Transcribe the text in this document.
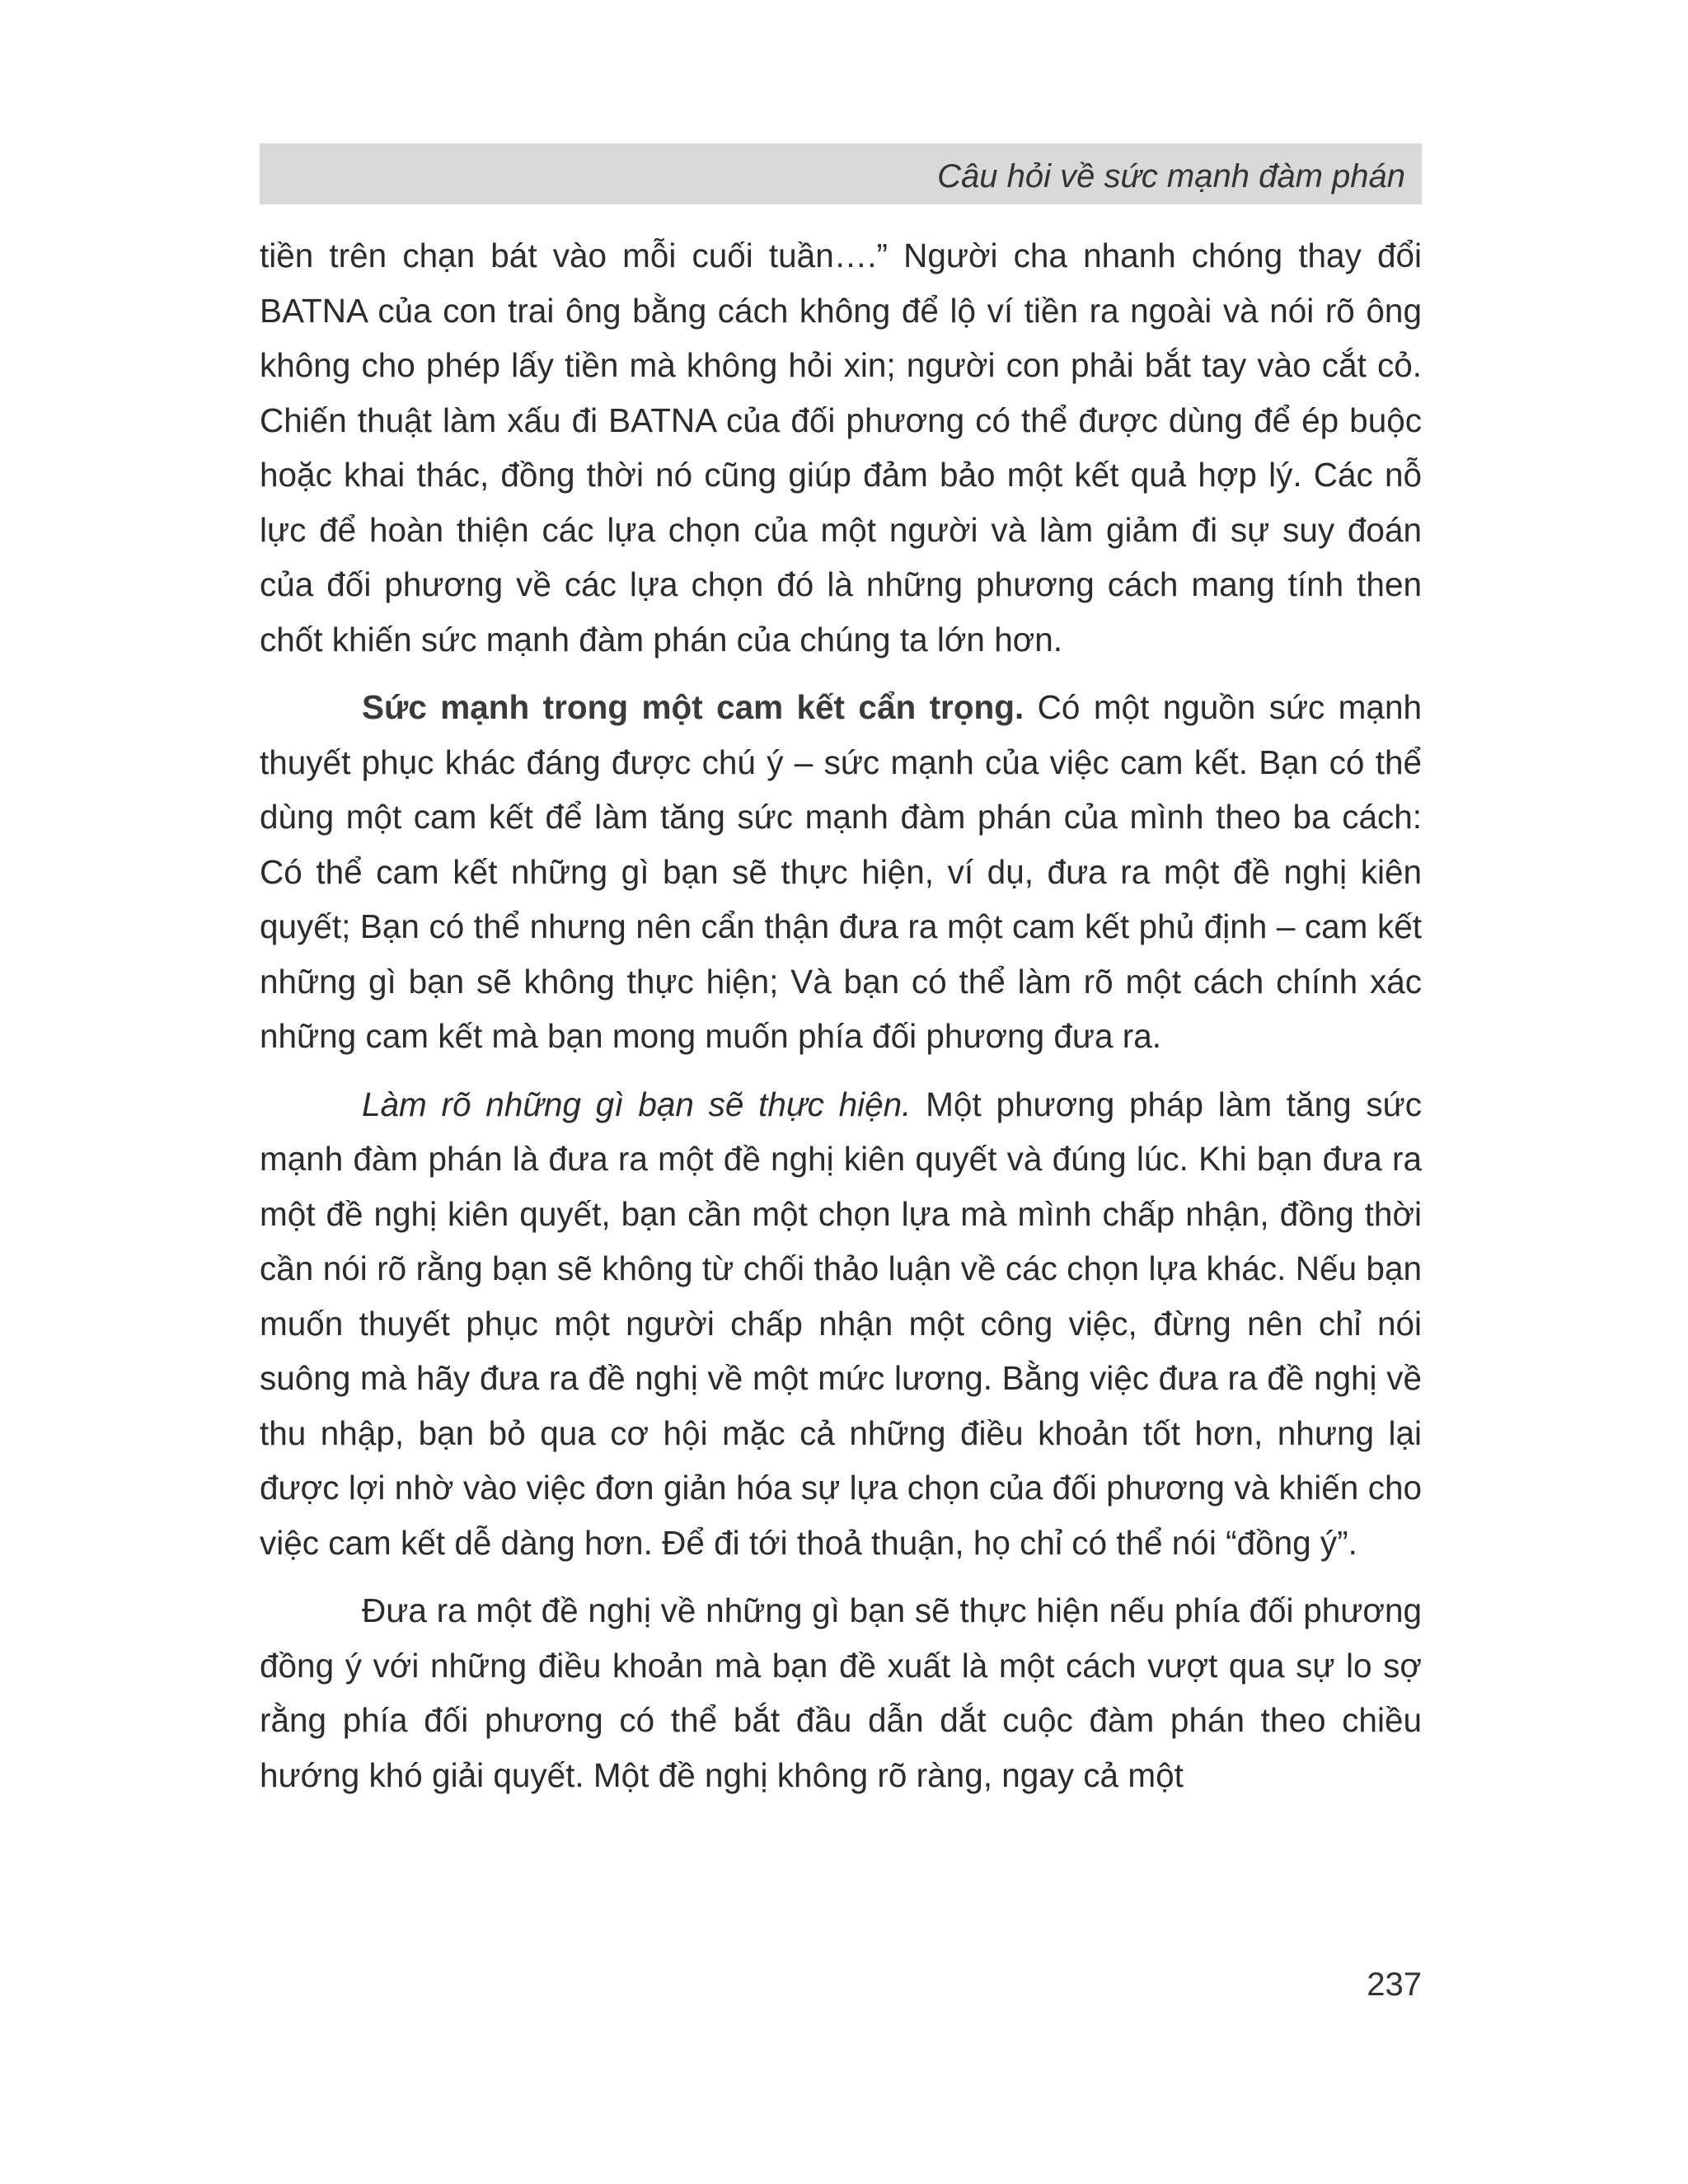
Câu hỏi về sức mạnh đàm phán

tiền trên chạn bát vào mỗi cuối tuần….” Người cha nhanh chóng thay đổi BATNA của con trai ông bằng cách không để lộ ví tiền ra ngoài và nói rõ ông không cho phép lấy tiền mà không hỏi xin; người con phải bắt tay vào cắt cỏ. Chiến thuật làm xấu đi BATNA của đối phương có thể được dùng để ép buộc hoặc khai thác, đồng thời nó cũng giúp đảm bảo một kết quả hợp lý. Các nỗ lực để hoàn thiện các lựa chọn của một người và làm giảm đi sự suy đoán của đối phương về các lựa chọn đó là những phương cách mang tính then chốt khiến sức mạnh đàm phán của chúng ta lớn hơn.

Sức mạnh trong một cam kết cẩn trọng. Có một nguồn sức mạnh thuyết phục khác đáng được chú ý – sức mạnh của việc cam kết. Bạn có thể dùng một cam kết để làm tăng sức mạnh đàm phán của mình theo ba cách: Có thể cam kết những gì bạn sẽ thực hiện, ví dụ, đưa ra một đề nghị kiên quyết; Bạn có thể nhưng nên cẩn thận đưa ra một cam kết phủ định – cam kết những gì bạn sẽ không thực hiện; Và bạn có thể làm rõ một cách chính xác những cam kết mà bạn mong muốn phía đối phương đưa ra.

Làm rõ những gì bạn sẽ thực hiện. Một phương pháp làm tăng sức mạnh đàm phán là đưa ra một đề nghị kiên quyết và đúng lúc. Khi bạn đưa ra một đề nghị kiên quyết, bạn cần một chọn lựa mà mình chấp nhận, đồng thời cần nói rõ rằng bạn sẽ không từ chối thảo luận về các chọn lựa khác. Nếu bạn muốn thuyết phục một người chấp nhận một công việc, đừng nên chỉ nói suông mà hãy đưa ra đề nghị về một mức lương. Bằng việc đưa ra đề nghị về thu nhập, bạn bỏ qua cơ hội mặc cả những điều khoản tốt hơn, nhưng lại được lợi nhờ vào việc đơn giản hóa sự lựa chọn của đối phương và khiến cho việc cam kết dễ dàng hơn. Để đi tới thoả thuận, họ chỉ có thể nói “đồng ý”.

Đưa ra một đề nghị về những gì bạn sẽ thực hiện nếu phía đối phương đồng ý với những điều khoản mà bạn đề xuất là một cách vượt qua sự lo sợ rằng phía đối phương có thể bắt đầu dẫn dắt cuộc đàm phán theo chiều hướng khó giải quyết. Một đề nghị không rõ ràng, ngay cả một

237
